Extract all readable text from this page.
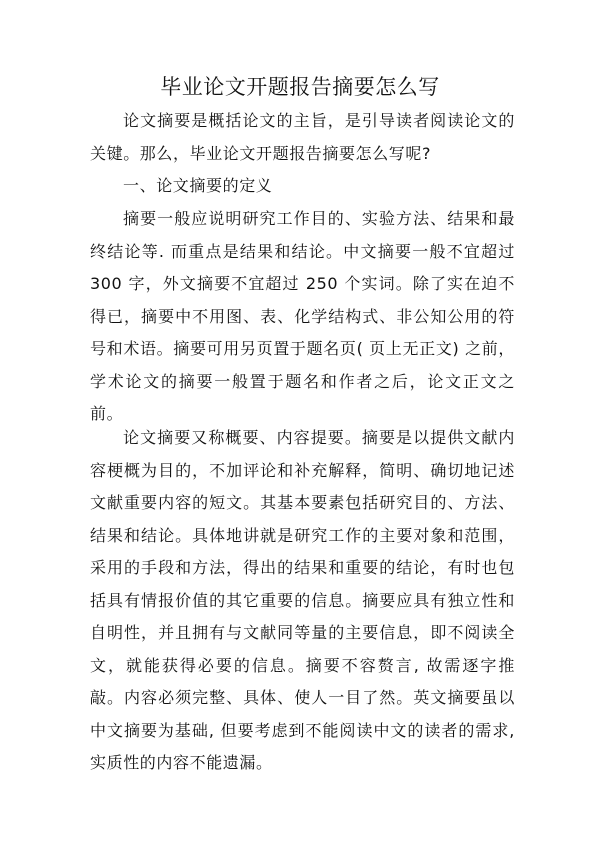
毕业论文开题报告摘要怎么写

论文摘要是概括论文的主旨，是引导读者阅读论文的关键。那么，毕业论文开题报告摘要怎么写呢?

一、论文摘要的定义

摘要一般应说明研究工作目的、实验方法、结果和最终结论等. 而重点是结果和结论。中文摘要一般不宜超过 300 字，外文摘要不宜超过 250 个实词。除了实在迫不得已，摘要中不用图、表、化学结构式、非公知公用的符号和术语。摘要可用另页置于题名页( 页上无正文) 之前，学术论文的摘要一般置于题名和作者之后，论文正文之前。

论文摘要又称概要、内容提要。摘要是以提供文献内容梗概为目的，不加评论和补充解释，简明、确切地记述文献重要内容的短文。其基本要素包括研究目的、方法、结果和结论。具体地讲就是研究工作的主要对象和范围，采用的手段和方法，得出的结果和重要的结论，有时也包括具有情报价值的其它重要的信息。摘要应具有独立性和自明性，并且拥有与文献同等量的主要信息，即不阅读全文，就能获得必要的信息。摘要不容赘言, 故需逐字推敲。内容必须完整、具体、使人一目了然。英文摘要虽以中文摘要为基础, 但要考虑到不能阅读中文的读者的需求, 实质性的内容不能遗漏。
